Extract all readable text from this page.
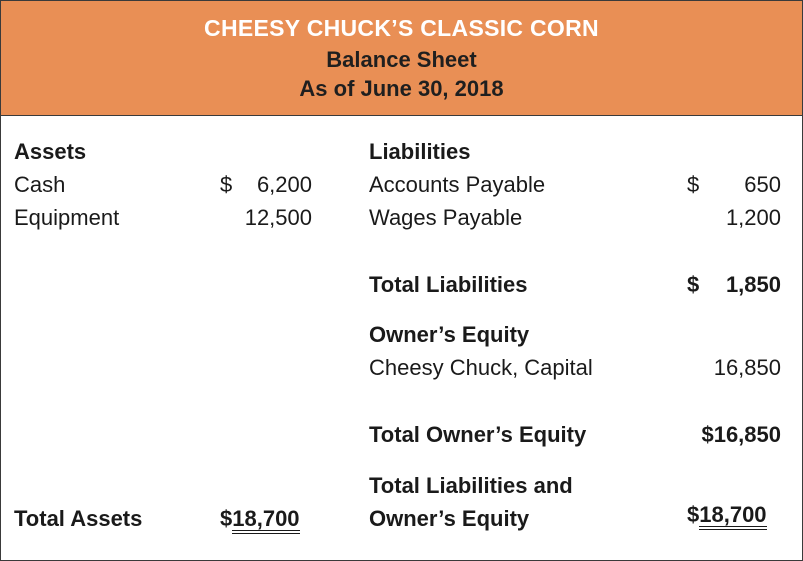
CHEESY CHUCK’S CLASSIC CORN
Balance Sheet
As of June 30, 2018
Assets
Cash	$	6,200
Equipment	12,500
Total Assets	$18,700
Liabilities
Accounts Payable	$	650
Wages Payable	1,200
Total Liabilities	$	1,850
Owner’s Equity
Cheesy Chuck, Capital	16,850
Total Owner’s Equity	$16,850
Total Liabilities and
Owner’s Equity	$18,700
